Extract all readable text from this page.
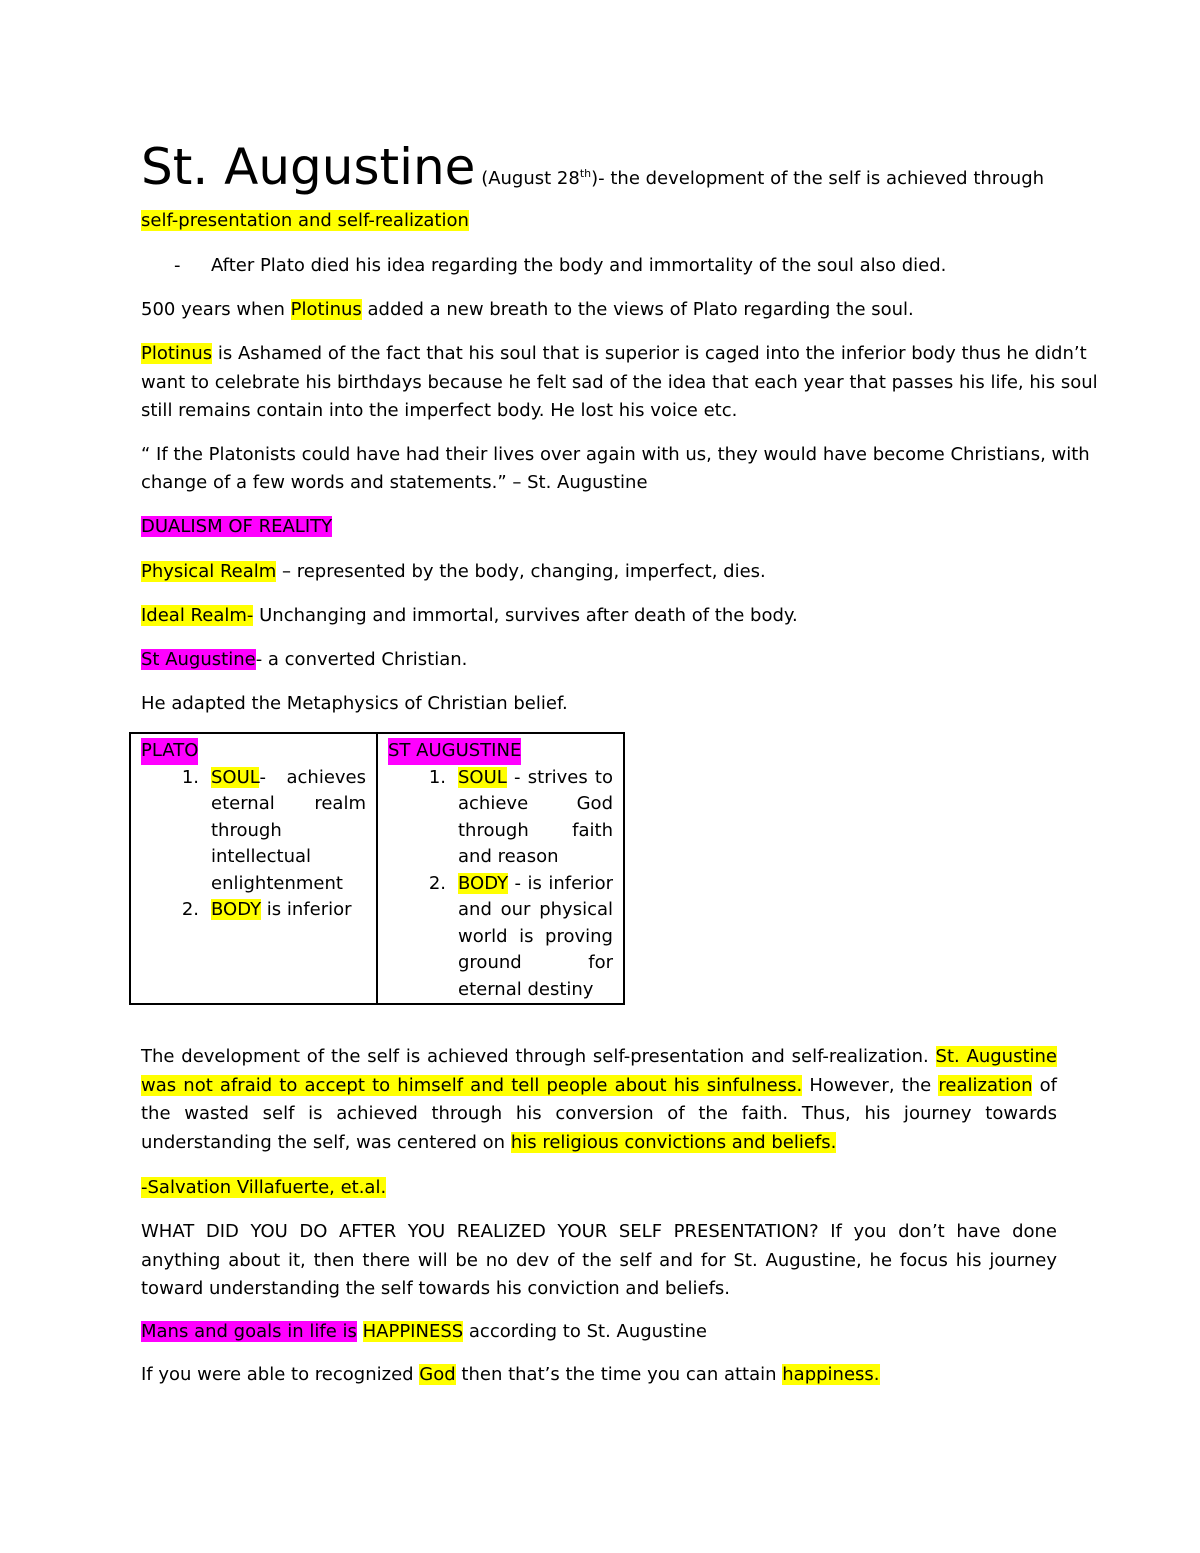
St. Augustine (August 28th)- the development of the self is achieved through
self-presentation and self-realization
- After Plato died his idea regarding the body and immortality of the soul also died.
500 years when Plotinus added a new breath to the views of Plato regarding the soul.
Plotinus is Ashamed of the fact that his soul that is superior is caged into the inferior body thus he didn’t
want to celebrate his birthdays because he felt sad of the idea that each year that passes his life, his soul
still remains contain into the imperfect body. He lost his voice etc.
“ If the Platonists could have had their lives over again with us, they would have become Christians, with
change of a few words and statements.” – St. Augustine
DUALISM OF REALITY
Physical Realm – represented by the body, changing, imperfect, dies.
Ideal Realm- Unchanging and immortal, survives after death of the body.
St Augustine- a converted Christian.
He adapted the Metaphysics of Christian belief.
PLATO
1. SOUL- achieves eternal realm through intellectual enlightenment
2. BODY is inferior
	ST AUGUSTINE
1. SOUL - strives to achieve God through faith and reason
2. BODY - is inferior and our physical world is proving ground for eternal destiny
The development of the self is achieved through self-presentation and self-realization. St. Augustine was not afraid to accept to himself and tell people about his sinfulness. However, the realization of the wasted self is achieved through his conversion of the faith. Thus, his journey towards understanding the self, was centered on his religious convictions and beliefs.
-Salvation Villafuerte, et.al.
WHAT DID YOU DO AFTER YOU REALIZED YOUR SELF PRESENTATION? If you don’t have done anything about it, then there will be no dev of the self and for St. Augustine, he focus his journey toward understanding the self towards his conviction and beliefs.
Mans and goals in life is HAPPINESS according to St. Augustine
If you were able to recognized God then that’s the time you can attain happiness.
